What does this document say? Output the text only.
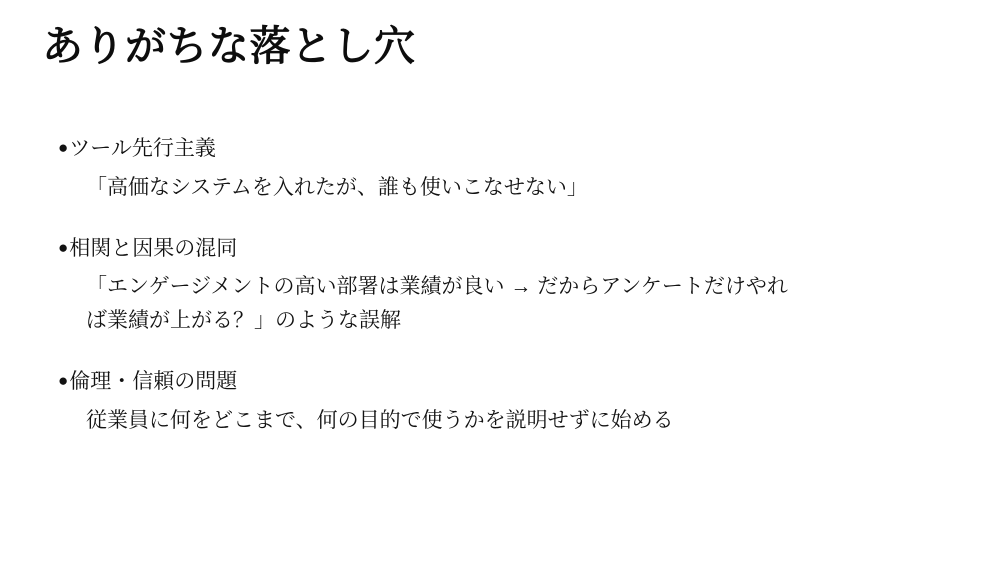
ありがちな落とし穴
●ツール先行主義
「高価なシステムを入れたが、誰も使いこなせない」
●相関と因果の混同
「エンゲージメントの高い部署は業績が良い → だからアンケートだけやれ
ば業績が上がる？」のような誤解
●倫理・信頼の問題
従業員に何をどこまで、何の目的で使うかを説明せずに始める
